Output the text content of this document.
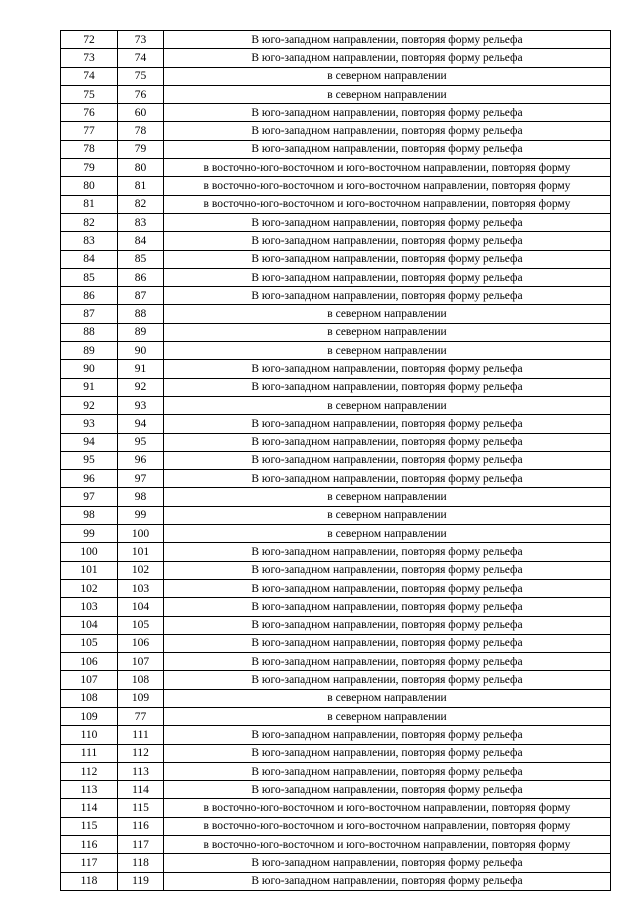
72	73	В юго-западном направлении, повторяя форму рельефа
73	74	В юго-западном направлении, повторяя форму рельефа
74	75	в северном направлении
75	76	в северном направлении
76	60	В юго-западном направлении, повторяя форму рельефа
77	78	В юго-западном направлении, повторяя форму рельефа
78	79	В юго-западном направлении, повторяя форму рельефа
79	80	в восточно-юго-восточном и юго-восточном направлении, повторяя форму
80	81	в восточно-юго-восточном и юго-восточном направлении, повторяя форму
81	82	в восточно-юго-восточном и юго-восточном направлении, повторяя форму
82	83	В юго-западном направлении, повторяя форму рельефа
83	84	В юго-западном направлении, повторяя форму рельефа
84	85	В юго-западном направлении, повторяя форму рельефа
85	86	В юго-западном направлении, повторяя форму рельефа
86	87	В юго-западном направлении, повторяя форму рельефа
87	88	в северном направлении
88	89	в северном направлении
89	90	в северном направлении
90	91	В юго-западном направлении, повторяя форму рельефа
91	92	В юго-западном направлении, повторяя форму рельефа
92	93	в северном направлении
93	94	В юго-западном направлении, повторяя форму рельефа
94	95	В юго-западном направлении, повторяя форму рельефа
95	96	В юго-западном направлении, повторяя форму рельефа
96	97	В юго-западном направлении, повторяя форму рельефа
97	98	в северном направлении
98	99	в северном направлении
99	100	в северном направлении
100	101	В юго-западном направлении, повторяя форму рельефа
101	102	В юго-западном направлении, повторяя форму рельефа
102	103	В юго-западном направлении, повторяя форму рельефа
103	104	В юго-западном направлении, повторяя форму рельефа
104	105	В юго-западном направлении, повторяя форму рельефа
105	106	В юго-западном направлении, повторяя форму рельефа
106	107	В юго-западном направлении, повторяя форму рельефа
107	108	В юго-западном направлении, повторяя форму рельефа
108	109	в северном направлении
109	77	в северном направлении
110	111	В юго-западном направлении, повторяя форму рельефа
111	112	В юго-западном направлении, повторяя форму рельефа
112	113	В юго-западном направлении, повторяя форму рельефа
113	114	В юго-западном направлении, повторяя форму рельефа
114	115	в восточно-юго-восточном и юго-восточном направлении, повторяя форму
115	116	в восточно-юго-восточном и юго-восточном направлении, повторяя форму
116	117	в восточно-юго-восточном и юго-восточном направлении, повторяя форму
117	118	В юго-западном направлении, повторяя форму рельефа
118	119	В юго-западном направлении, повторяя форму рельефа
